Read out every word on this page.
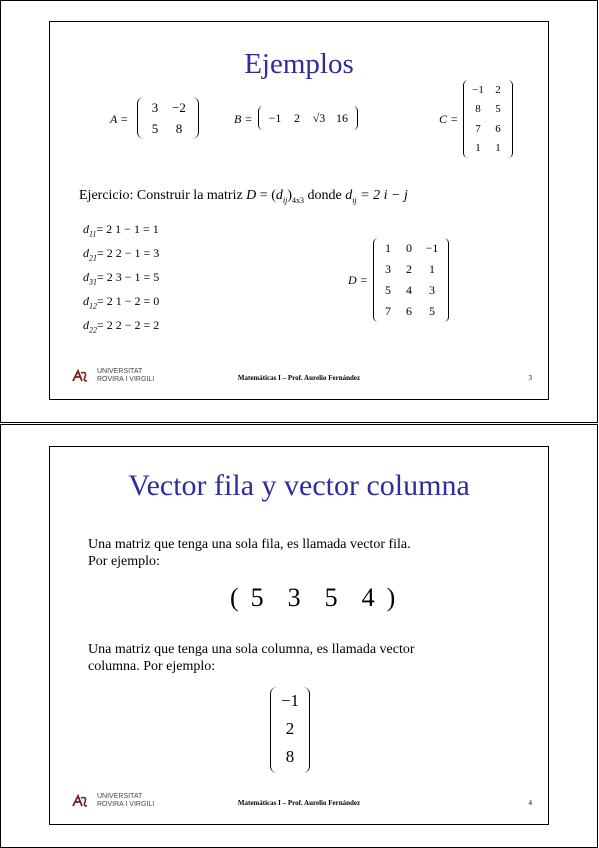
Ejemplos
A =
3 −2
5 8
B = −1 2 √3 16	C =
−1 2
8 5
7 6
1 1
Ejercicio: Construir la matriz $D = (d_{ij})_{4x3}$ donde $d_{ij} = 2$ i − j
$d_{11}= 2$ 1 − 1 = 1
$d_{21}= 2$ 2 − 1 = 3
$d_{31}= 2$ 3 − 1 = 5
$d_{12}= 2$ 1 − 2 = 0
$d_{22}= 2$ 2 − 2 = 2
D =
1 0 −1
3 2 1
5 4 3
7 6 5
UNIVERSITAT
ROVIRA I VIRGILI	Matemáticas I – Prof. Aurelio Fernández	3
Vector fila y vector columna
Una matriz que tenga una sola fila, es llamada vector fila.
Por ejemplo:
( 5 3 5 4 )
Una matriz que tenga una sola columna, es llamada vector
columna. Por ejemplo:
−1
2
8
UNIVERSITAT
ROVIRA I VIRGILI	Matemáticas I – Prof. Aurelio Fernández	4
